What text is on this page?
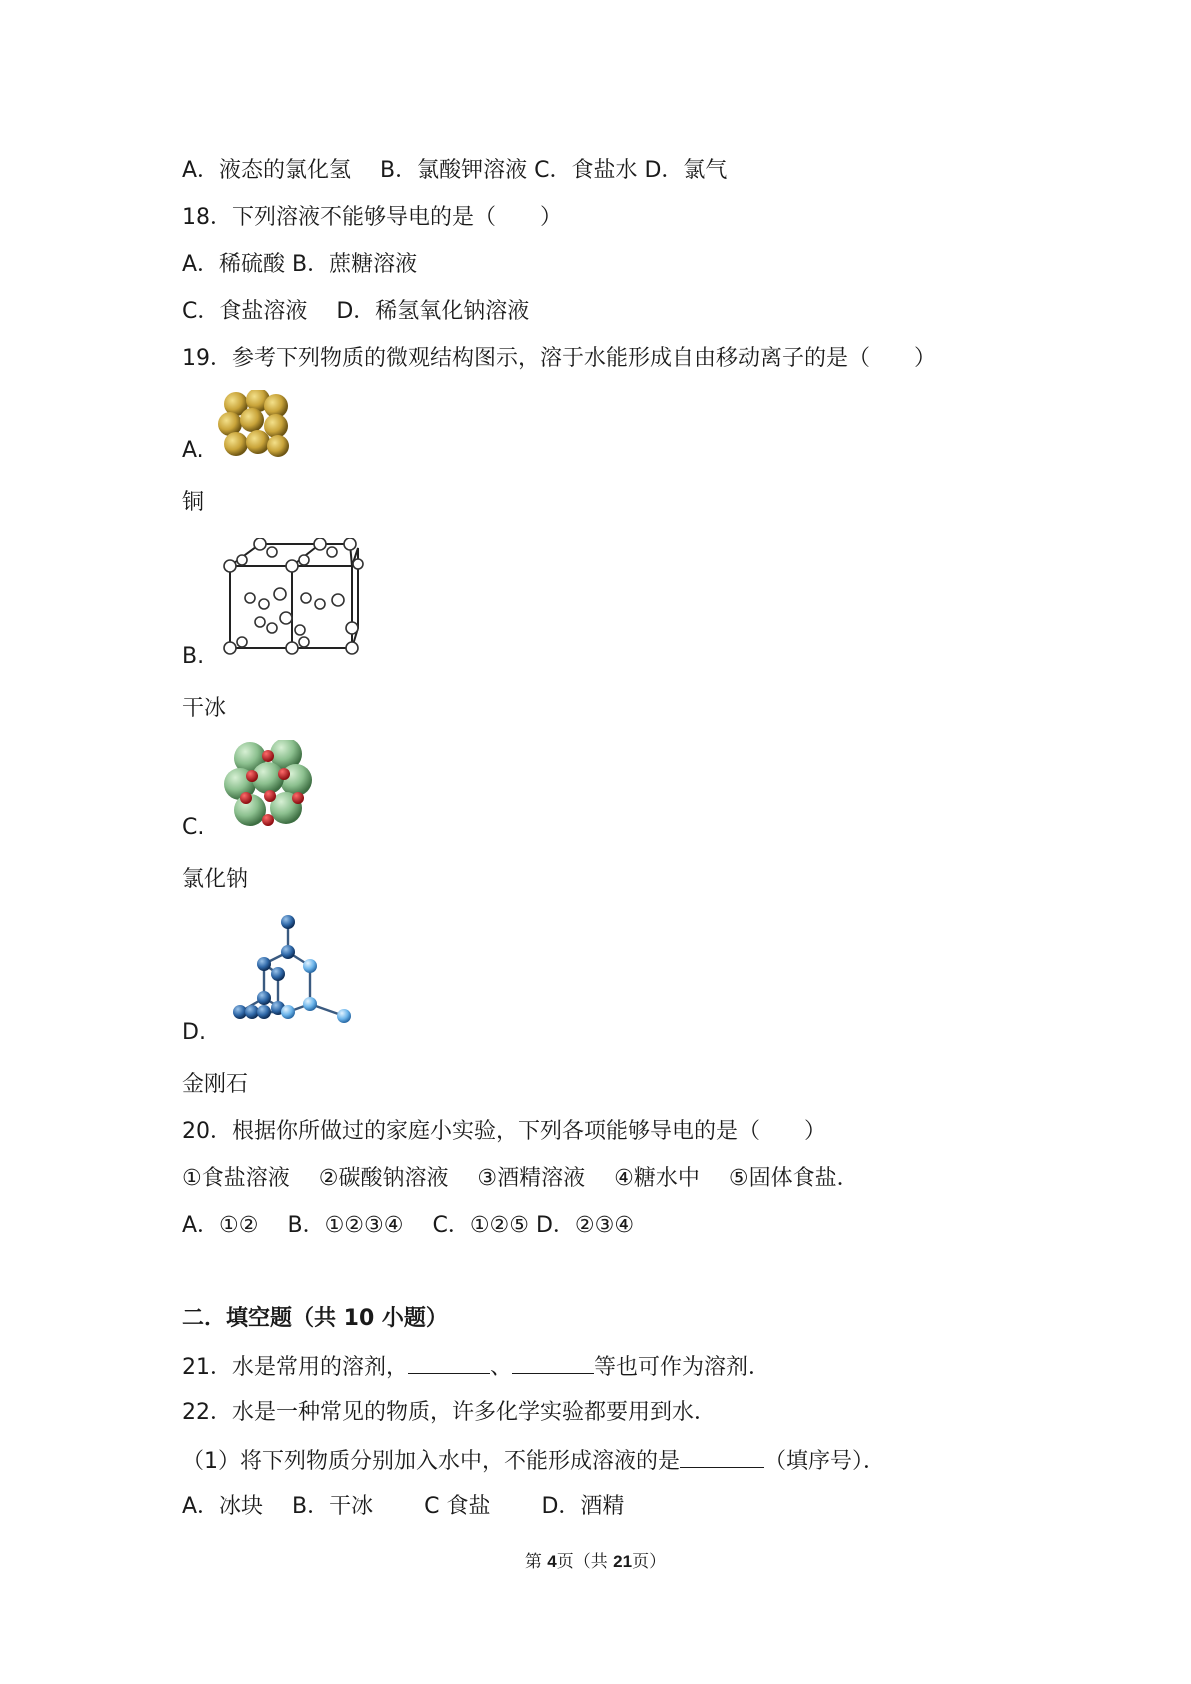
A．液态的氯化氢　 B．氯酸钾溶液 C．食盐水 D．氯气
18．下列溶液不能够导电的是（　　）
A．稀硫酸 B．蔗糖溶液
C．食盐溶液　 D．稀氢氧化钠溶液
19．参考下列物质的微观结构图示，溶于水能形成自由移动离子的是（　　）
A.
铜
B.
干冰
C.
氯化钠
D.
金刚石
20．根据你所做过的家庭小实验，下列各项能够导电的是（　　）
①食盐溶液　 ②碳酸钠溶液　 ③酒精溶液　 ④糖水中　 ⑤固体食盐．
A．①②　 B．①②③④　 C．①②⑤ D．②③④
二．填空题（共 10 小题）
21．水是常用的溶剂，	、	等也可作为溶剂．
22．水是一种常见的物质，许多化学实验都要用到水．
（1）将下列物质分别加入水中，不能形成溶液的是	（填序号）．
A．冰块　 B．干冰　　 C 食盐　　 D．酒精
第 4页（共 21页）
